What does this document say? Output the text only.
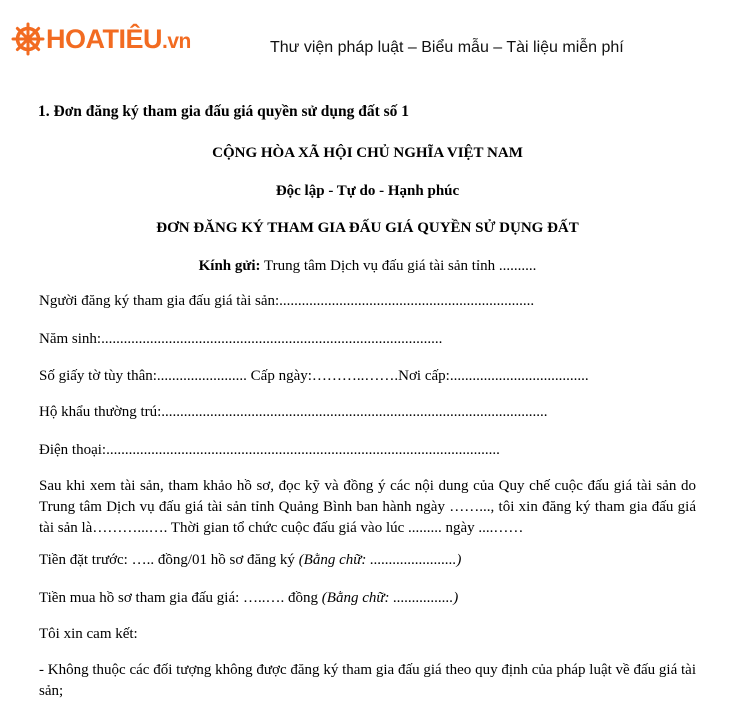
HOATIÊU.vn	Thư viện pháp luật – Biểu mẫu – Tài liệu miễn phí
1. Đơn đăng ký tham gia đấu giá quyền sử dụng đất số 1
CỘNG HÒA XÃ HỘI CHỦ NGHĨA VIỆT NAM
Độc lập - Tự do - Hạnh phúc
ĐƠN ĐĂNG KÝ THAM GIA ĐẤU GIÁ QUYỀN SỬ DỤNG ĐẤT
Kính gửi: Trung tâm Dịch vụ đấu giá tài sản tỉnh ..........
Người đăng ký tham gia đấu giá tài sản:....................................................................
Năm sinh:...........................................................................................
Số giấy tờ tùy thân:........................ Cấp ngày:………..…….Nơi cấp:.....................................
Hộ khẩu thường trú:.......................................................................................................
Điện thoại:.........................................................................................................
Sau khi xem tài sản, tham khảo hồ sơ, đọc kỹ và đồng ý các nội dung của Quy chế cuộc đấu giá tài sản do Trung tâm Dịch vụ đấu giá tài sản tỉnh Quảng Bình ban hành ngày ……..., tôi xin đăng ký tham gia đấu giá tài sản là………...…. Thời gian tổ chức cuộc đấu giá vào lúc ......... ngày ....……
Tiền đặt trước: ….. đồng/01 hồ sơ đăng ký (Bằng chữ: .......................)
Tiền mua hồ sơ tham gia đấu giá: …..…. đồng (Bằng chữ: ................)
Tôi xin cam kết:
- Không thuộc các đối tượng không được đăng ký tham gia đấu giá theo quy định của pháp luật về đấu giá tài sản;
